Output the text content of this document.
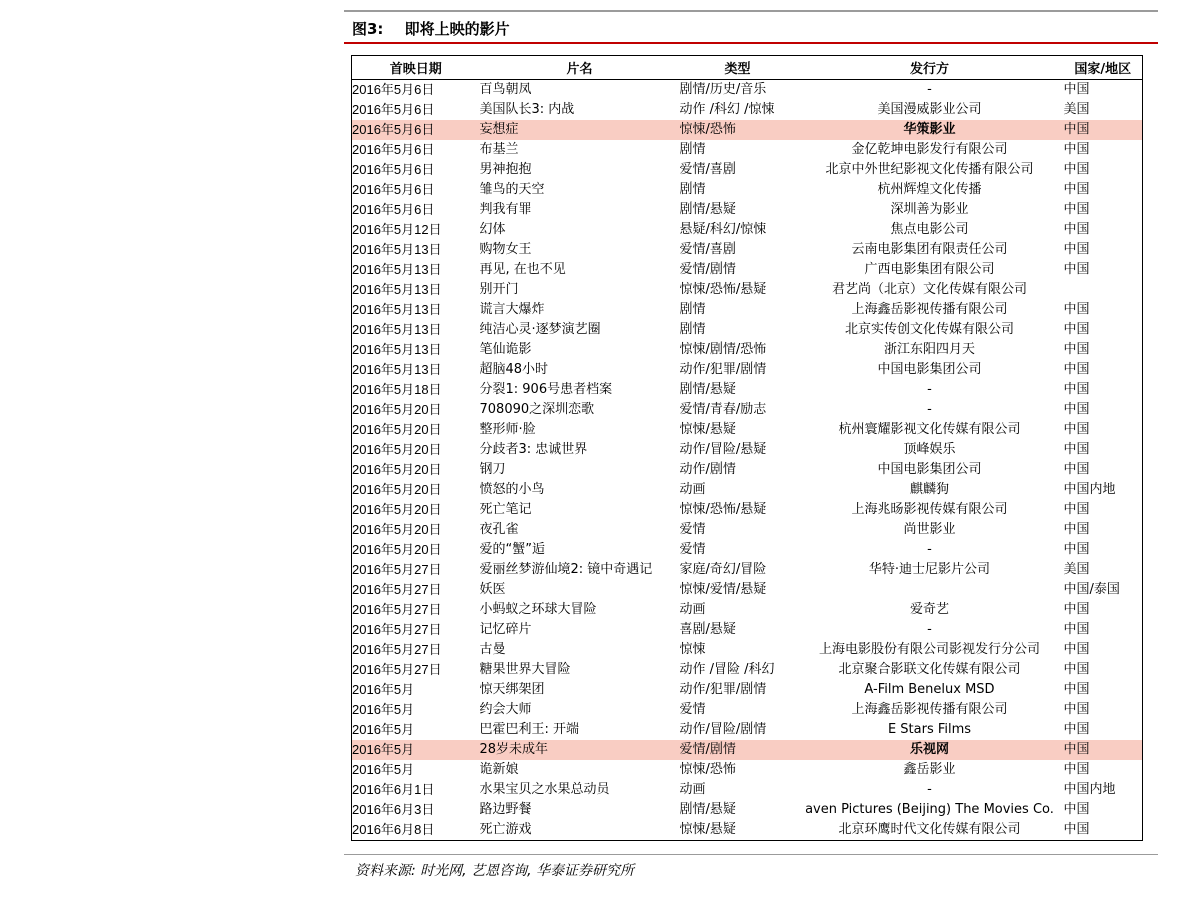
图3: 即将上映的影片
首映日期	片名	类型	发行方	国家/地区
2016年5月6日	百鸟朝凤	剧情/历史/音乐	-	中国
2016年5月6日	美国队长3: 内战	动作 /科幻 /惊悚	美国漫威影业公司	美国
2016年5月6日	妄想症	惊悚/恐怖	华策影业	中国
2016年5月6日	布基兰	剧情	金亿乾坤电影发行有限公司	中国
2016年5月6日	男神抱抱	爱情/喜剧	北京中外世纪影视文化传播有限公司	中国
2016年5月6日	雏鸟的天空	剧情	杭州辉煌文化传播	中国
2016年5月6日	判我有罪	剧情/悬疑	深圳善为影业	中国
2016年5月12日	幻体	悬疑/科幻/惊悚	焦点电影公司	中国
2016年5月13日	购物女王	爱情/喜剧	云南电影集团有限责任公司	中国
2016年5月13日	再见, 在也不见	爱情/剧情	广西电影集团有限公司	中国
2016年5月13日	别开门	惊悚/恐怖/悬疑	君艺尚（北京）文化传媒有限公司	
2016年5月13日	谎言大爆炸	剧情	上海鑫岳影视传播有限公司	中国
2016年5月13日	纯洁心灵·逐梦演艺圈	剧情	北京实传创文化传媒有限公司	中国
2016年5月13日	笔仙诡影	惊悚/剧情/恐怖	浙江东阳四月天	中国
2016年5月13日	超脑48小时	动作/犯罪/剧情	中国电影集团公司	中国
2016年5月18日	分裂1: 906号患者档案	剧情/悬疑	-	中国
2016年5月20日	708090之深圳恋歌	爱情/青春/励志	-	中国
2016年5月20日	整形师·脸	惊悚/悬疑	杭州寰耀影视文化传媒有限公司	中国
2016年5月20日	分歧者3: 忠诚世界	动作/冒险/悬疑	顶峰娱乐	中国
2016年5月20日	钢刀	动作/剧情	中国电影集团公司	中国
2016年5月20日	愤怒的小鸟	动画	麒麟狗	中国内地
2016年5月20日	死亡笔记	惊悚/恐怖/悬疑	上海兆旸影视传媒有限公司	中国
2016年5月20日	夜孔雀	爱情	尚世影业	中国
2016年5月20日	爱的“蟹”逅	爱情	-	中国
2016年5月27日	爱丽丝梦游仙境2: 镜中奇遇记	家庭/奇幻/冒险	华特·迪士尼影片公司	美国
2016年5月27日	妖医	惊悚/爱情/悬疑		中国/泰国
2016年5月27日	小蚂蚁之环球大冒险	动画	爱奇艺	中国
2016年5月27日	记忆碎片	喜剧/悬疑	-	中国
2016年5月27日	古曼	惊悚	上海电影股份有限公司影视发行分公司	中国
2016年5月27日	糖果世界大冒险	动作 /冒险 /科幻	北京聚合影联文化传媒有限公司	中国
2016年5月	惊天绑架团	动作/犯罪/剧情	A-Film Benelux MSD	中国
2016年5月	约会大师	爱情	上海鑫岳影视传播有限公司	中国
2016年5月	巴霍巴利王: 开端	动作/冒险/剧情	E Stars Films	中国
2016年5月	28岁未成年	爱情/剧情	乐视网	中国
2016年5月	诡新娘	惊悚/恐怖	鑫岳影业	中国
2016年6月1日	水果宝贝之水果总动员	动画	-	中国内地
2016年6月3日	路边野餐	剧情/悬疑	aven Pictures (Beijing) The Movies Co.	中国
2016年6月8日	死亡游戏	惊悚/悬疑	北京环鹰时代文化传媒有限公司	中国
资料来源: 时光网, 艺恩咨询, 华泰证券研究所
